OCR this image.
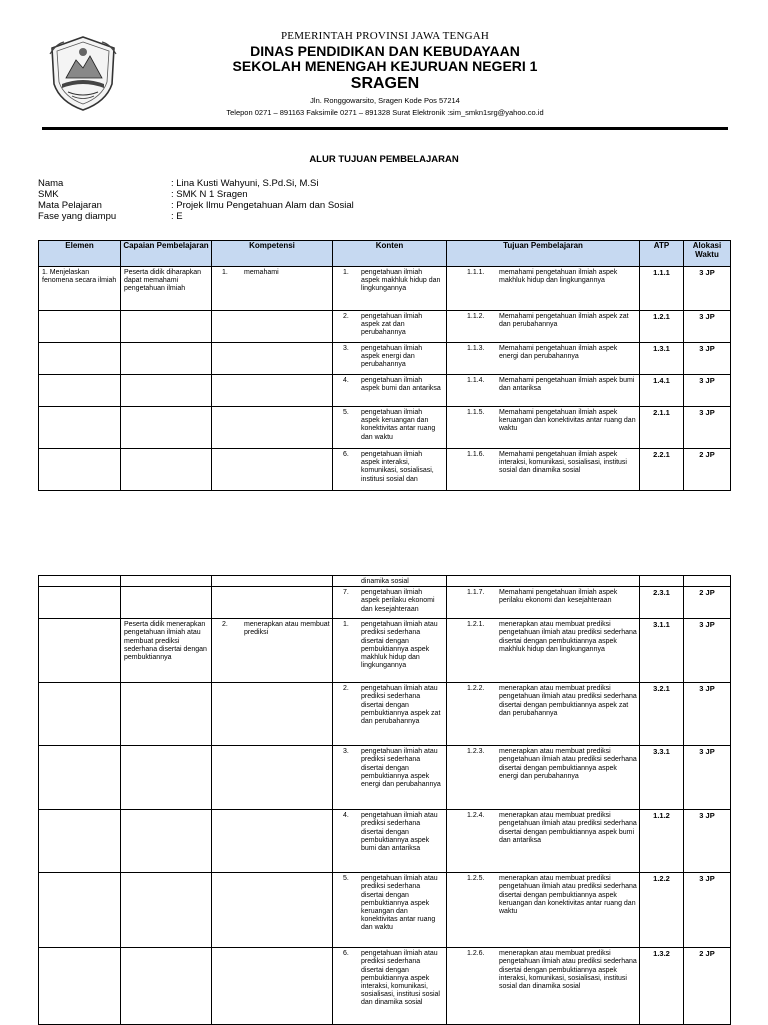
PEMERINTAH PROVINSI JAWA TENGAH
DINAS PENDIDIKAN DAN KEBUDAYAAN
SEKOLAH MENENGAH KEJURUAN NEGERI 1
SRAGEN
Jln. Ronggowarsito, Sragen Kode Pos 57214
Telepon 0271 – 891163 Faksimile 0271 – 891328 Surat Elektronik :sim_smkn1srg@yahoo.co.id
ALUR TUJUAN PEMBELAJARAN
Nama	: Lina Kusti Wahyuni, S.Pd.Si, M.Si
SMK	: SMK N 1 Sragen
Mata Pelajaran	: Projek Ilmu Pengetahuan Alam dan Sosial
Fase yang diampu	: E
Elemen	Capaian Pembelajaran	Kompetensi	Konten	Tujuan Pembelajaran	ATP	Alokasi Waktu

1. Menjelaskan fenomena secara ilmiah	Peserta didik diharapkan dapat memahami pengetahuan ilmiah	1. memahami	1. pengetahuan ilmiah aspek makhluk hidup dan lingkungannya	1.1.1. memahami pengetahuan ilmiah aspek makhluk hidup dan lingkungannya	1.1.1	3 JP

			2. pengetahuan ilmiah aspek zat dan perubahannya	1.1.2. Memahami pengetahuan ilmiah aspek zat dan perubahannya	1.2.1	3 JP

			3. pengetahuan ilmiah aspek energi dan perubahannya	1.1.3. Memahami pengetahuan ilmiah aspek energi dan perubahannya	1.3.1	3 JP

			4. pengetahuan ilmiah aspek bumi dan antariksa	1.1.4. Memahami pengetahuan ilmiah aspek bumi dan antariksa	1.4.1	3 JP

			5. pengetahuan ilmiah aspek keruangan dan konektivitas antar ruang dan waktu	1.1.5. Memahami pengetahuan ilmiah aspek keruangan dan konektivitas antar ruang dan waktu	2.1.1	3 JP

			6. pengetahuan ilmiah aspek interaksi, komunikasi, sosialisasi, institusi sosial dan	1.1.6. Memahami pengetahuan ilmiah aspek interaksi, komunikasi, sosialisasi, institusi sosial dan dinamika sosial	2.2.1	2 JP

			dinamika sosial			

			7. pengetahuan ilmiah aspek perilaku ekonomi dan kesejahteraan	1.1.7. Memahami pengetahuan ilmiah aspek perilaku ekonomi dan kesejahteraan	2.3.1	2 JP

	Peserta didik menerapkan pengetahuan ilmiah atau membuat prediksi sederhana disertai dengan pembuktiannya	2. menerapkan atau membuat prediksi	1. pengetahuan ilmiah atau prediksi sederhana disertai dengan pembuktiannya aspek makhluk hidup dan lingkungannya	1.2.1. menerapkan atau membuat prediksi pengetahuan ilmiah atau prediksi sederhana disertai dengan pembuktiannya aspek makhluk hidup dan lingkungannya	3.1.1	3 JP

			2. pengetahuan ilmiah atau prediksi sederhana disertai dengan pembuktiannya aspek zat dan perubahannya	1.2.2. menerapkan atau membuat prediksi pengetahuan ilmiah atau prediksi sederhana disertai dengan pembuktiannya aspek zat dan perubahannya	3.2.1	3 JP

			3. pengetahuan ilmiah atau prediksi sederhana disertai dengan pembuktiannya aspek energi dan perubahannya	1.2.3. menerapkan atau membuat prediksi pengetahuan ilmiah atau prediksi sederhana disertai dengan pembuktiannya aspek energi dan perubahannya	3.3.1	3 JP

			4. pengetahuan ilmiah atau prediksi sederhana disertai dengan pembuktiannya aspek bumi dan antariksa	1.2.4. menerapkan atau membuat prediksi pengetahuan ilmiah atau prediksi sederhana disertai dengan pembuktiannya aspek bumi dan antariksa	1.1.2	3 JP

			5. pengetahuan ilmiah atau prediksi sederhana disertai dengan pembuktiannya aspek keruangan dan konektivitas antar ruang dan waktu	1.2.5. menerapkan atau membuat prediksi pengetahuan ilmiah atau prediksi sederhana disertai dengan pembuktiannya aspek keruangan dan konektivitas antar ruang dan waktu	1.2.2	3 JP

			6. pengetahuan ilmiah atau prediksi sederhana disertai dengan pembuktiannya aspek interaksi, komunikasi, sosialisasi, institusi sosial dan dinamika sosial	1.2.6. menerapkan atau membuat prediksi pengetahuan ilmiah atau prediksi sederhana disertai dengan pembuktiannya aspek interaksi, komunikasi, sosialisasi, institusi sosial dan dinamika sosial	1.3.2	2 JP
